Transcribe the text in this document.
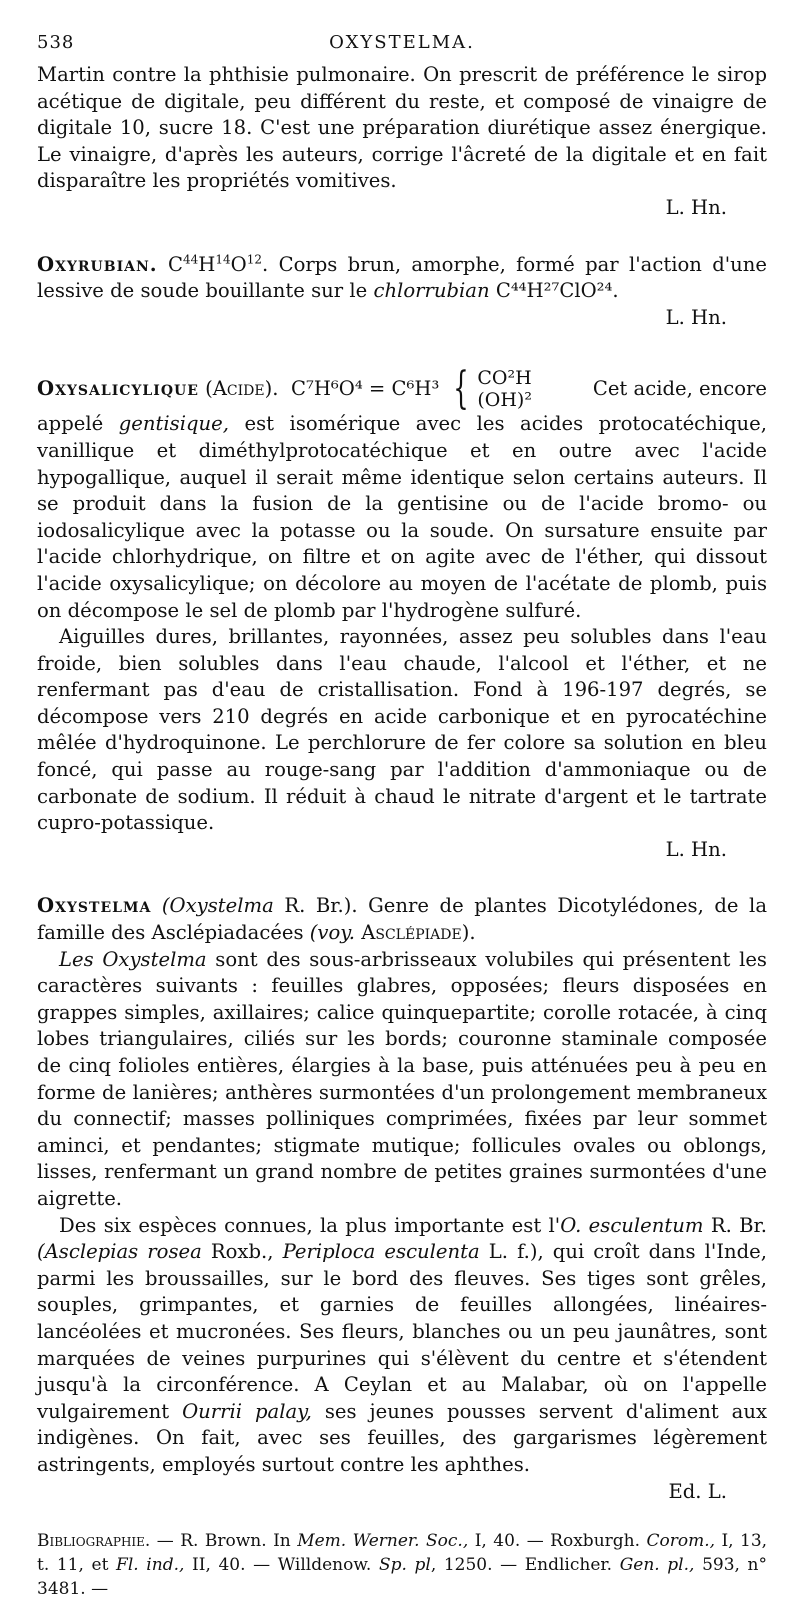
538	OXYSTELMA.

Martin contre la phthisie pulmonaire. On prescrit de préférence le sirop acétique de digitale, peu différent du reste, et composé de vinaigre de digitale 10, sucre 18. C'est une préparation diurétique assez énergique. Le vinaigre, d'après les auteurs, corrige l'âcreté de la digitale et en fait disparaître les propriétés vomitives.

L. Hn.

Oxyrubian. $C^{44}H^{14}O^{12}$. Corps brun, amorphe, formé par l'action d'une lessive de soude bouillante sur le chlorrubian C⁴⁴H²⁷ClO²⁴.

L. Hn.

Oxysalicylique
(Acide).
C⁷H⁶O⁴ = C⁶H³ { CO²H
(OH)²
Cet acide, encore

appelé gentisique, est isomérique avec les acides protocatéchique, vanillique et diméthylprotocatéchique et en outre avec l'acide hypogallique, auquel il serait même identique selon certains auteurs. Il se produit dans la fusion de la gentisine ou de l'acide bromo- ou iodosalicylique avec la potasse ou la soude. On sursature ensuite par l'acide chlorhydrique, on filtre et on agite avec de l'éther, qui dissout l'acide oxysalicylique; on décolore au moyen de l'acétate de plomb, puis on décompose le sel de plomb par l'hydrogène sulfuré.

Aiguilles dures, brillantes, rayonnées, assez peu solubles dans l'eau froide, bien solubles dans l'eau chaude, l'alcool et l'éther, et ne renfermant pas d'eau de cristallisation. Fond à 196-197 degrés, se décompose vers 210 degrés en acide carbonique et en pyrocatéchine mêlée d'hydroquinone. Le perchlorure de fer colore sa solution en bleu foncé, qui passe au rouge-sang par l'addition d'ammoniaque ou de carbonate de sodium. Il réduit à chaud le nitrate d'argent et le tartrate cupro-potassique.

L. Hn.

Oxystelma (Oxystelma R. Br.). Genre de plantes Dicotylédones, de la famille des Asclépiadacées (voy. Asclépiade).

Les Oxystelma sont des sous-arbrisseaux volubiles qui présentent les caractères suivants : feuilles glabres, opposées; fleurs disposées en grappes simples, axillaires; calice quinquepartite; corolle rotacée, à cinq lobes triangulaires, ciliés sur les bords; couronne staminale composée de cinq folioles entières, élargies à la base, puis atténuées peu à peu en forme de lanières; anthères surmontées d'un prolongement membraneux du connectif; masses polliniques comprimées, fixées par leur sommet aminci, et pendantes; stigmate mutique; follicules ovales ou oblongs, lisses, renfermant un grand nombre de petites graines surmontées d'une aigrette.

Des six espèces connues, la plus importante est l'O. esculentum R. Br. (Asclepias rosea Roxb., Periploca esculenta L. f.), qui croît dans l'Inde, parmi les broussailles, sur le bord des fleuves. Ses tiges sont grêles, souples, grimpantes, et garnies de feuilles allongées, linéaires-lancéolées et mucronées. Ses fleurs, blanches ou un peu jaunâtres, sont marquées de veines purpurines qui s'élèvent du centre et s'étendent jusqu'à la circonférence. A Ceylan et au Malabar, où on l'appelle vulgairement Ourrii palay, ses jeunes pousses servent d'aliment aux indigènes. On fait, avec ses feuilles, des gargarismes légèrement astringents, employés surtout contre les aphthes.

Ed. L.

Bibliographie. — R. Brown. In Mem. Werner. Soc., I, 40. — Roxburgh. Corom., I, 13, t. 11, et Fl. ind., II, 40. — Willdenow. Sp. pl, 1250. — Endlicher. Gen. pl., 593, n° 3481. —
